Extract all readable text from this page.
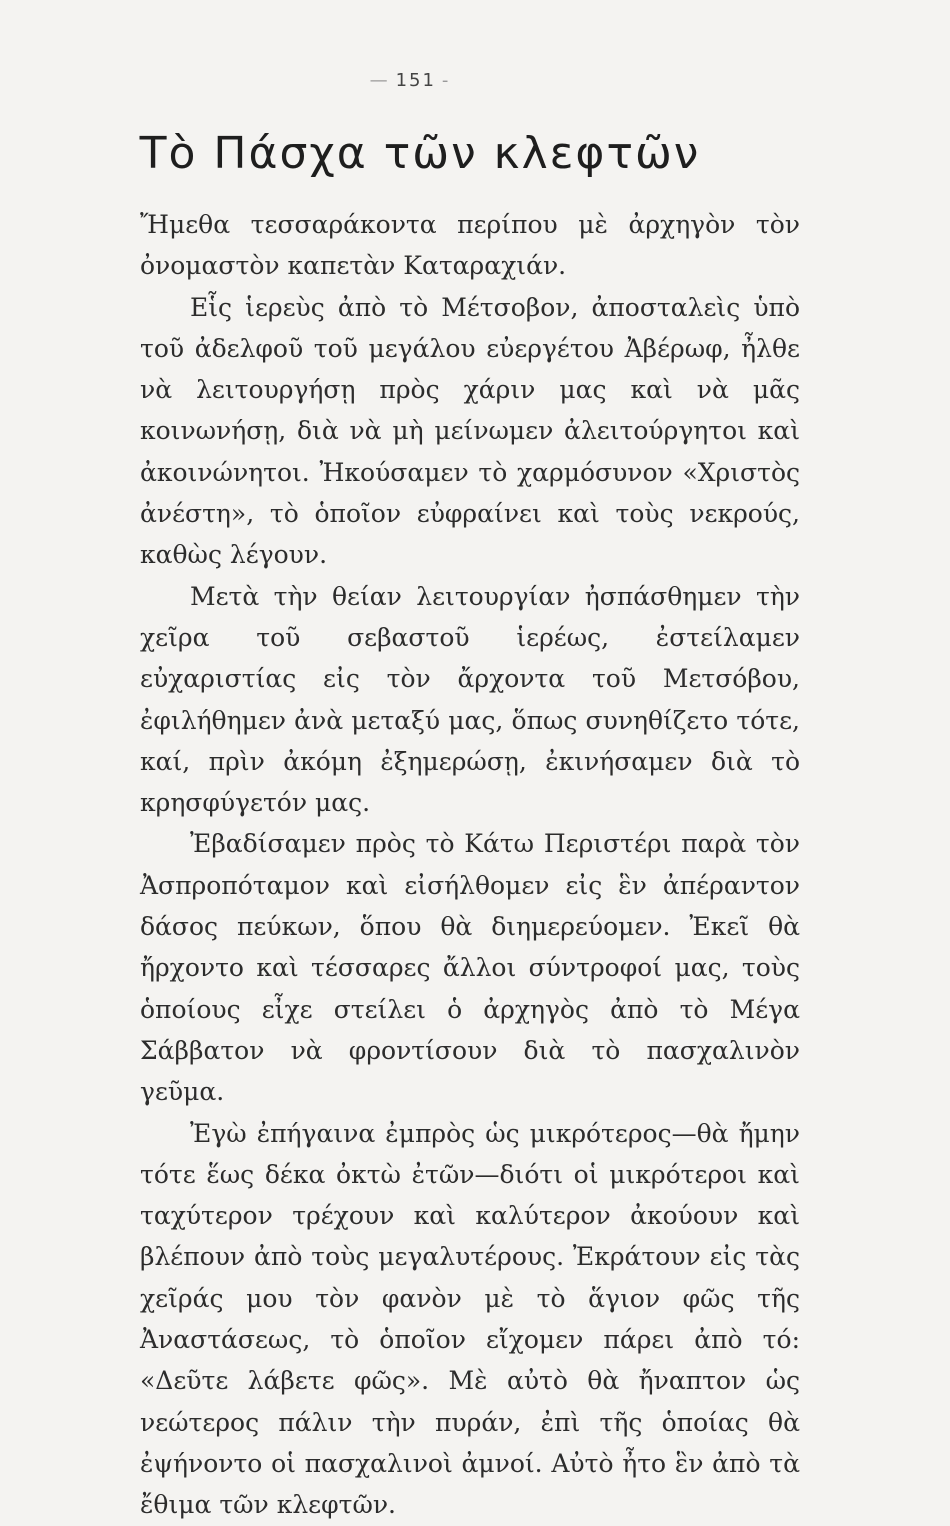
— 151 -
Τὸ Πάσχα τῶν κλεφτῶν

Ἤμεθα τεσσαράκοντα περίπου μὲ ἀρχηγὸν τὸν ὀνομαστὸν καπετὰν Καταραχιάν.

Εἷς ἱερεὺς ἀπὸ τὸ Μέτσοβον, ἀποσταλεὶς ὑπὸ τοῦ ἀδελφοῦ τοῦ μεγάλου εὐεργέτου Ἀβέρωφ, ἦλθε νὰ λειτουργήσῃ πρὸς χάριν μας καὶ νὰ μᾶς κοινωνήσῃ, διὰ νὰ μὴ μείνωμεν ἀλειτούργητοι καὶ ἀκοινώνητοι. Ἠκούσαμεν τὸ χαρμόσυνον «Χριστὸς ἀνέστη», τὸ ὁποῖον εὐφραίνει καὶ τοὺς νεκρούς, καθὼς λέγουν.

Μετὰ τὴν θείαν λειτουργίαν ἠσπάσθημεν τὴν χεῖρα τοῦ σεβαστοῦ ἱερέως, ἐστείλαμεν εὐχαριστίας εἰς τὸν ἄρχοντα τοῦ Μετσόβου, ἐφιλήθημεν ἀνὰ μεταξύ μας, ὅπως συνηθίζετο τότε, καί, πρὶν ἀκόμη ἐξημερώσῃ, ἐκινήσαμεν διὰ τὸ κρησφύγετόν μας.

Ἐβαδίσαμεν πρὸς τὸ Κάτω Περιστέρι παρὰ τὸν Ἀσπροπόταμον καὶ εἰσήλθομεν εἰς ἓν ἀπέραντον δάσος πεύκων, ὅπου θὰ διημερεύομεν. Ἐκεῖ θὰ ἤρχοντο καὶ τέσσαρες ἄλλοι σύντροφοί μας, τοὺς ὁποίους εἶχε στείλει ὁ ἀρχηγὸς ἀπὸ τὸ Μέγα Σάββατον νὰ φροντίσουν διὰ τὸ πασχαλινὸν γεῦμα.

Ἐγὼ ἐπήγαινα ἐμπρὸς ὡς μικρότερος—θὰ ἤμην τότε ἕως δέκα ὀκτὼ ἐτῶν—διότι οἱ μικρότεροι καὶ ταχύτερον τρέχουν καὶ καλύτερον ἀκούουν καὶ βλέπουν ἀπὸ τοὺς μεγαλυτέρους. Ἐκράτουν εἰς τὰς χεῖράς μου τὸν φανὸν μὲ τὸ ἅγιον φῶς τῆς Ἀναστάσεως, τὸ ὁποῖον εἴχομεν πάρει ἀπὸ τό: «Δεῦτε λάβετε φῶς». Μὲ αὐτὸ θὰ ἤναπτον ὡς νεώτερος πάλιν τὴν πυράν, ἐπὶ τῆς ὁποίας θὰ ἐψήνοντο οἱ πασχαλινοὶ ἀμνοί. Αὐτὸ ἦτο ἓν ἀπὸ τὰ ἔθιμα τῶν κλεφτῶν.
